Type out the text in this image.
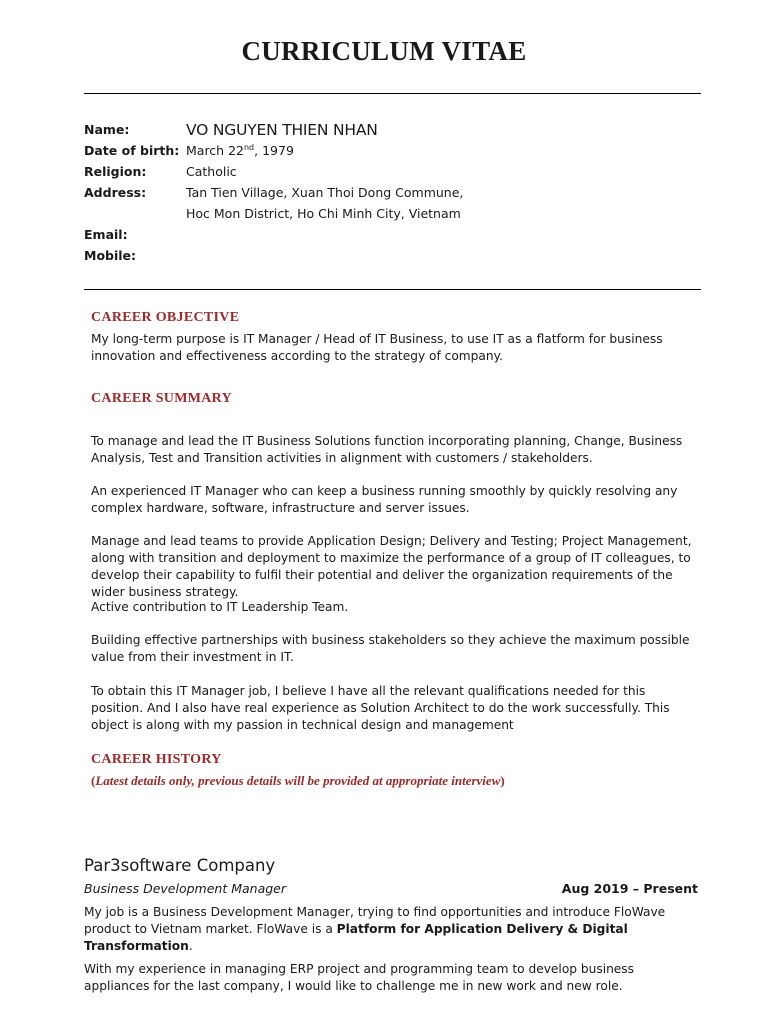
CURRICULUM VITAE
Name:	VO NGUYEN THIEN NHAN
Date of birth: March 22nd, 1979
Religion:	Catholic
Address:	Tan Tien Village, Xuan Thoi Dong Commune,
Hoc Mon District, Ho Chi Minh City, Vietnam
Email:
Mobile:
CAREER OBJECTIVE

My long-term purpose is IT Manager / Head of IT Business, to use IT as a flatform for business innovation and effectiveness according to the strategy of company.

CAREER SUMMARY

To manage and lead the IT Business Solutions function incorporating planning, Change, Business Analysis, Test and Transition activities in alignment with customers / stakeholders.

An experienced IT Manager who can keep a business running smoothly by quickly resolving any complex hardware, software, infrastructure and server issues.

Manage and lead teams to provide Application Design; Delivery and Testing; Project Management, along with transition and deployment to maximize the performance of a group of IT colleagues, to develop their capability to fulfil their potential and deliver the organization requirements of the wider business strategy.

Active contribution to IT Leadership Team.

Building effective partnerships with business stakeholders so they achieve the maximum possible value from their investment in IT.

To obtain this IT Manager job, I believe I have all the relevant qualifications needed for this position. And I also have real experience as Solution Architect to do the work successfully. This object is along with my passion in technical design and management

CAREER HISTORY
(Latest details only, previous details will be provided at appropriate interview)
Par3software Company
Business Development Manager	Aug 2019 – Present

My job is a Business Development Manager, trying to find opportunities and introduce FloWave product to Vietnam market. FloWave is a Platform for Application Delivery & Digital Transformation.

With my experience in managing ERP project and programming team to develop business appliances for the last company, I would like to challenge me in new work and new role.
